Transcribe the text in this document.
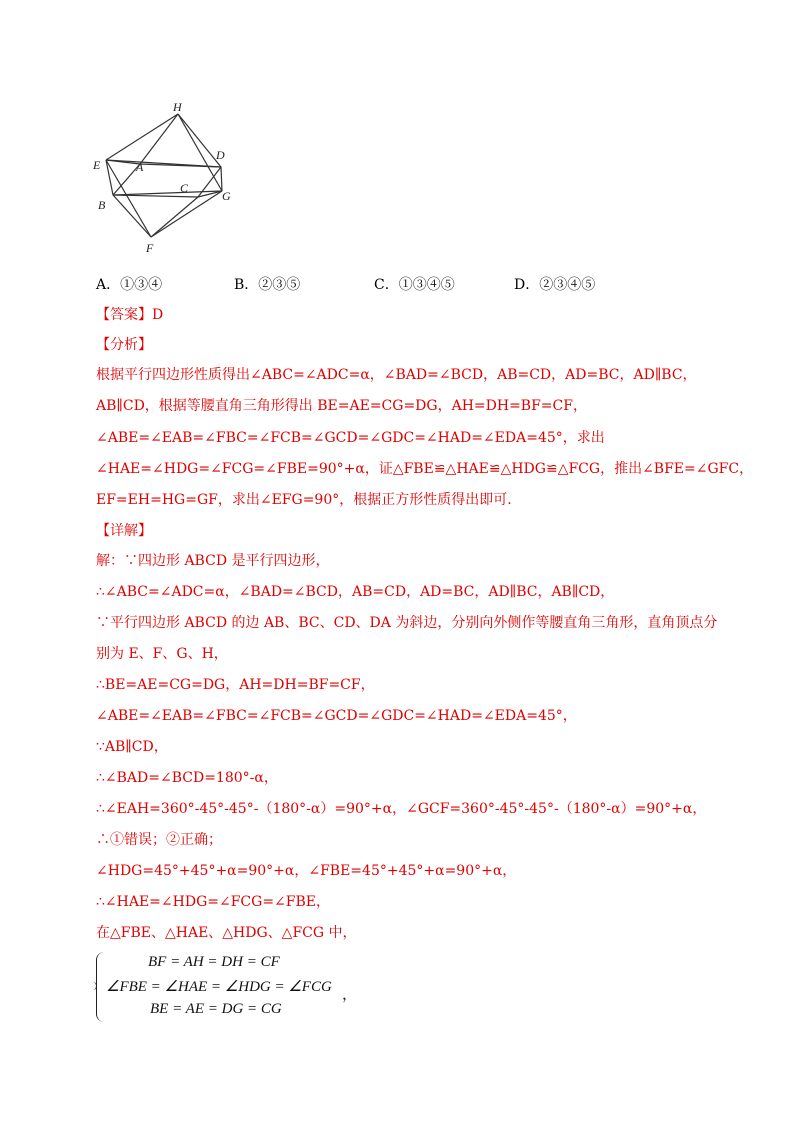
H
E	A
D
C
G
B
F
A．①③④	B．②③⑤	C．①③④⑤	D．②③④⑤
【答案】D
【分析】
根据平行四边形性质得出∠ABC=∠ADC=α，∠BAD=∠BCD，AB=CD，AD=BC，AD∥BC，
AB∥CD，根据等腰直角三角形得出 BE=AE=CG=DG，AH=DH=BF=CF，
∠ABE=∠EAB=∠FBC=∠FCB=∠GCD=∠GDC=∠HAD=∠EDA=45°，求出
∠HAE=∠HDG=∠FCG=∠FBE=90°+α，证△FBE≌△HAE≌△HDG≌△FCG，推出∠BFE=∠GFC，
EF=EH=HG=GF，求出∠EFG=90°，根据正方形性质得出即可.
【详解】
解：∵四边形 ABCD 是平行四边形，
∴∠ABC=∠ADC=α，∠BAD=∠BCD，AB=CD，AD=BC，AD∥BC，AB∥CD，
∵平行四边形 ABCD 的边 AB、BC、CD、DA 为斜边，分别向外侧作等腰直角三角形，直角顶点分
别为 E、F、G、H，
∴BE=AE=CG=DG，AH=DH=BF=CF，
∠ABE=∠EAB=∠FBC=∠FCB=∠GCD=∠GDC=∠HAD=∠EDA=45°，
∵AB∥CD，
∴∠BAD=∠BCD=180°-α，
∴∠EAH=360°-45°-45°-（180°-α）=90°+α，∠GCF=360°-45°-45°-（180°-α）=90°+α，
∴①错误；②正确；
∠HDG=45°+45°+α=90°+α，∠FBE=45°+45°+α=90°+α，
∴∠HAE=∠HDG=∠FCG=∠FBE，
在△FBE、△HAE、△HDG、△FCG 中，
BF = AH = DH = CF
∠FBE = ∠HAE = ∠HDG = ∠FCG ，
BE = AE = DG = CG
